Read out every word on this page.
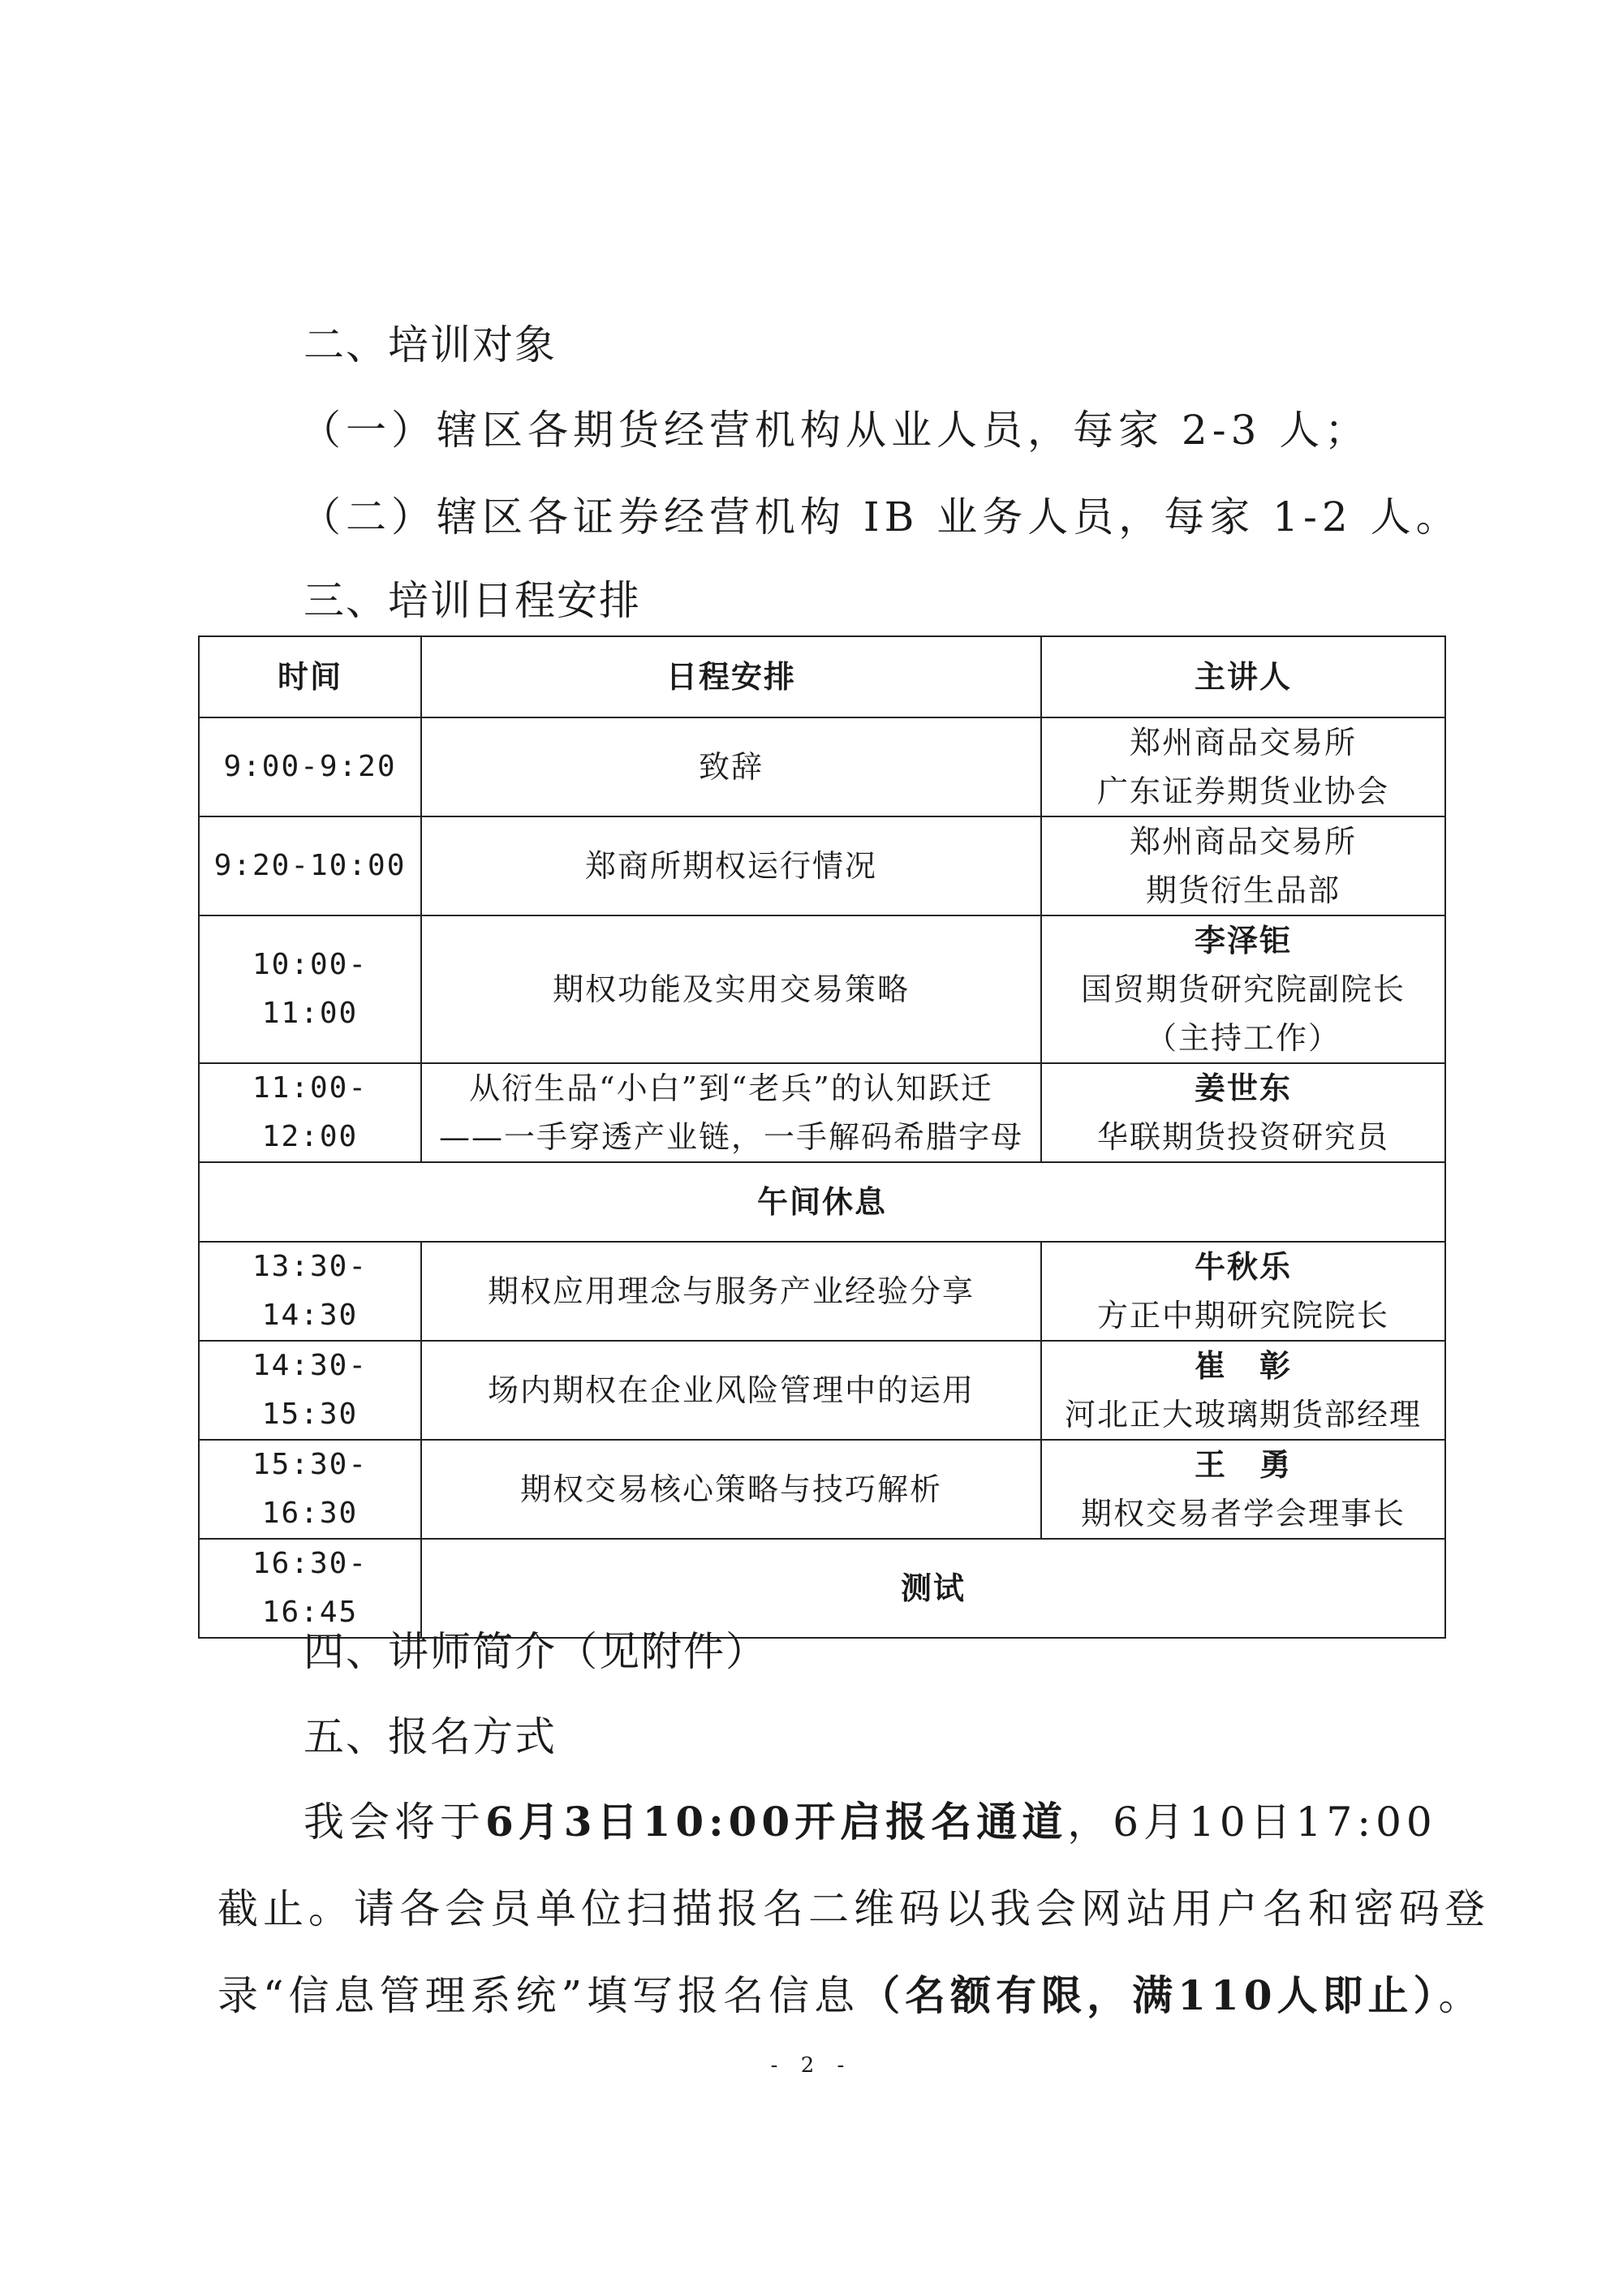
二、培训对象
（一）辖区各期货经营机构从业人员，每家 2-3 人；
（二）辖区各证券经营机构 IB 业务人员，每家 1-2 人。
三、培训日程安排
时间	日程安排	主讲人
9:00-9:20	致辞	郑州商品交易所
广东证券期货业协会

9:20-10:00	郑商所期权运行情况	郑州商品交易所
期货衍生品部

10:00-11:00	期权功能及实用交易策略	李泽钜
国贸期货研究院副院长
（主持工作）

11:00-12:00	从衍生品“小白”到“老兵”的认知跃迁
——一手穿透产业链，一手解码希腊字母	姜世东
华联期货投资研究员

午间休息		
13:30-14:30	期权应用理念与服务产业经验分享	牛秋乐
方正中期研究院院长

14:30-15:30	场内期权在企业风险管理中的运用	崔　彰
河北正大玻璃期货部经理

15:30-16:30	期权交易核心策略与技巧解析	王　勇
期权交易者学会理事长

16:30-16:45	测试	
四、讲师简介（见附件）
五、报名方式
我会将于6月3日10:00开启报名通道，6月10日17:00
截止。请各会员单位扫描报名二维码以我会网站用户名和密码登
录“信息管理系统”填写报名信息（名额有限，满110人即止）。
- 2 -
